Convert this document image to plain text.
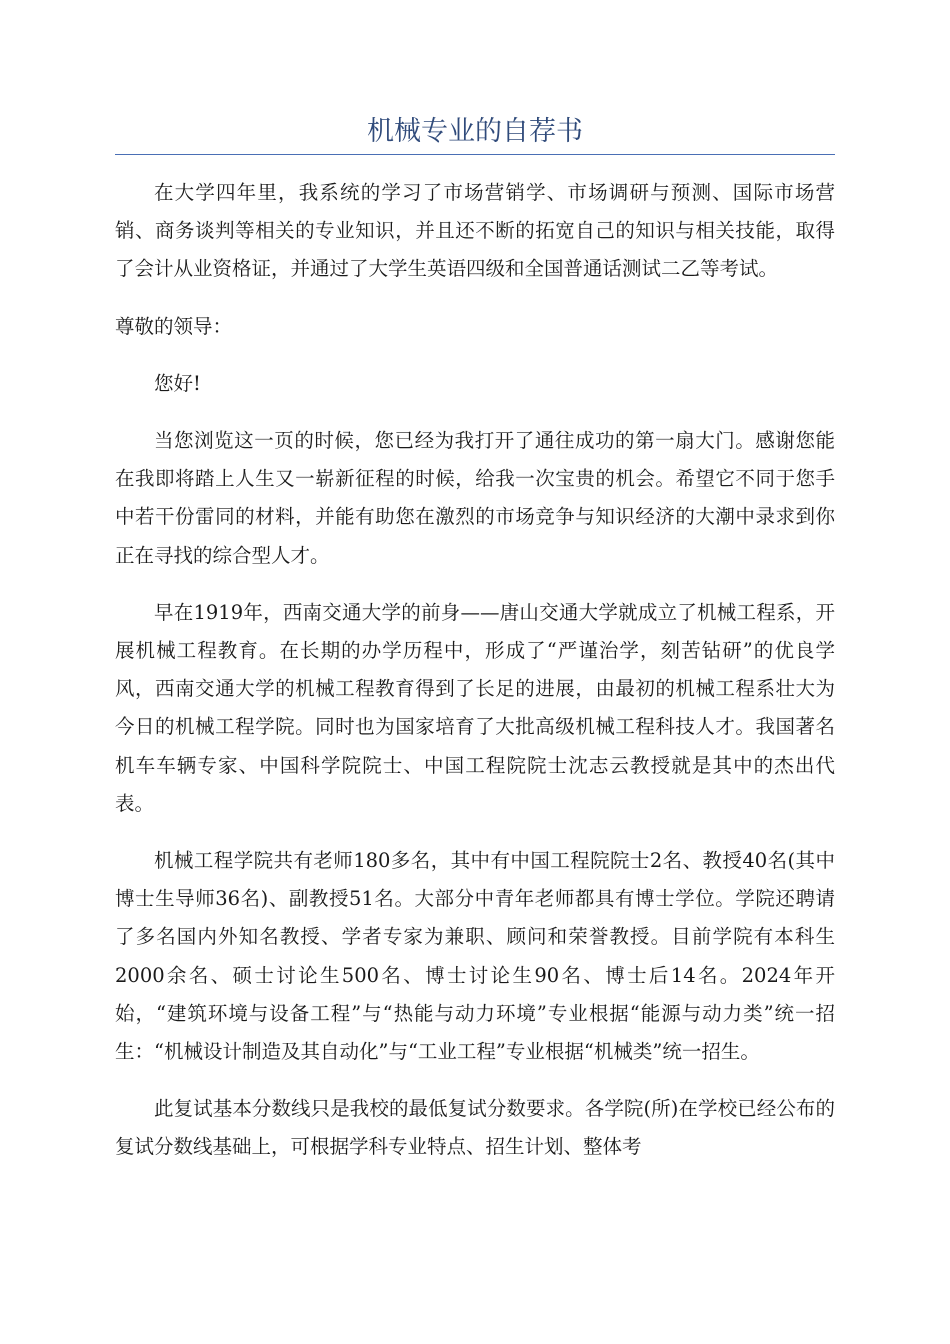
机械专业的自荐书

在大学四年里，我系统的学习了市场营销学、市场调研与预测、国际市场营销、商务谈判等相关的专业知识，并且还不断的拓宽自己的知识与相关技能，取得了会计从业资格证，并通过了大学生英语四级和全国普通话测试二乙等考试。

尊敬的领导：

您好!

当您浏览这一页的时候，您已经为我打开了通往成功的第一扇大门。感谢您能在我即将踏上人生又一崭新征程的时候，给我一次宝贵的机会。希望它不同于您手中若干份雷同的材料，并能有助您在激烈的市场竞争与知识经济的大潮中录求到你正在寻找的综合型人才。

早在1919年，西南交通大学的前身——唐山交通大学就成立了机械工程系，开展机械工程教育。在长期的办学历程中，形成了“严谨治学，刻苦钻研”的优良学风，西南交通大学的机械工程教育得到了长足的进展，由最初的机械工程系壮大为今日的机械工程学院。同时也为国家培育了大批高级机械工程科技人才。我国著名机车车辆专家、中国科学院院士、中国工程院院士沈志云教授就是其中的杰出代表。

机械工程学院共有老师180多名，其中有中国工程院院士2名、教授40名(其中博士生导师36名)、副教授51名。大部分中青年老师都具有博士学位。学院还聘请了多名国内外知名教授、学者专家为兼职、顾问和荣誉教授。目前学院有本科生2000余名、硕士讨论生500名、博士讨论生90名、博士后14名。2024年开始，“建筑环境与设备工程”与“热能与动力环境”专业根据“能源与动力类”统一招生：“机械设计制造及其自动化”与“工业工程”专业根据“机械类”统一招生。

此复试基本分数线只是我校的最低复试分数要求。各学院(所)在学校已经公布的复试分数线基础上，可根据学科专业特点、招生计划、整体考
